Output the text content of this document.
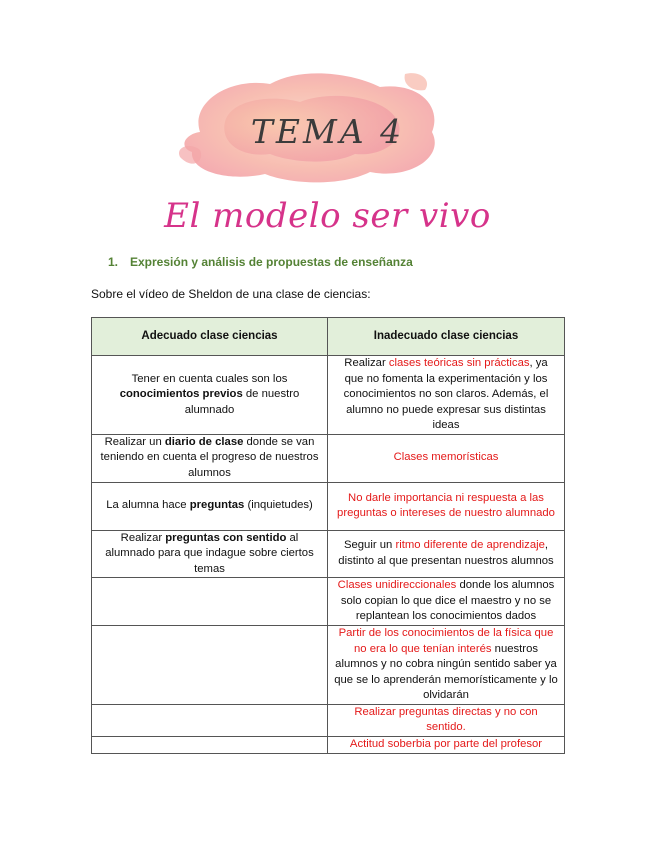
TEMA 4
El modelo ser vivo
1. Expresión y análisis de propuestas de enseñanza
Sobre el vídeo de Sheldon de una clase de ciencias:
Adecuado clase ciencias	Inadecuado clase ciencias
Tener en cuenta cuales son los conocimientos previos de nuestro alumnado	Realizar clases teóricas sin prácticas, ya que no fomenta la experimentación y los conocimientos no son claros. Además, el alumno no puede expresar sus distintas ideas
Realizar un diario de clase donde se van teniendo en cuenta el progreso de nuestros alumnos	Clases memorísticas
La alumna hace preguntas (inquietudes)	No darle importancia ni respuesta a las preguntas o intereses de nuestro alumnado
Realizar preguntas con sentido al alumnado para que indague sobre ciertos temas	Seguir un ritmo diferente de aprendizaje, distinto al que presentan nuestros alumnos
	Clases unidireccionales donde los alumnos solo copian lo que dice el maestro y no se replantean los conocimientos dados
	Partir de los conocimientos de la física que no era lo que tenían interés nuestros alumnos y no cobra ningún sentido saber ya que se lo aprenderán memorísticamente y lo olvidarán
	Realizar preguntas directas y no con sentido.
	Actitud soberbia por parte del profesor
